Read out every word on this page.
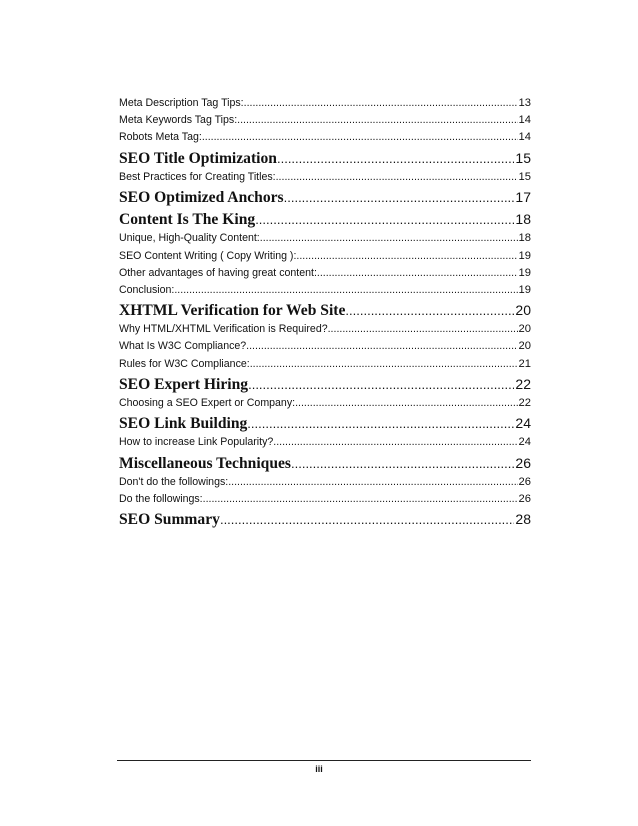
Meta Description Tag Tips: .....	13
Meta Keywords Tag Tips: .....	14
Robots Meta Tag: .....	14
SEO Title Optimization .....	15
Best Practices for Creating Titles: .....	15
SEO Optimized Anchors .....	17
Content Is The King .....	18
Unique, High-Quality Content: .....	18
SEO Content Writing ( Copy Writing ): .....	19
Other advantages of having great content: .....	19
Conclusion: .....	19
XHTML Verification for Web Site .....	20
Why HTML/XHTML Verification is Required? .....	20
What Is W3C Compliance? .....	20
Rules for W3C Compliance: .....	21
SEO Expert Hiring .....	22
Choosing a SEO Expert or Company: .....	22
SEO Link Building .....	24
How to increase Link Popularity? .....	24
Miscellaneous Techniques .....	26
Don't do the followings: .....	26
Do the followings: .....	26
SEO Summary .....	28
iii
